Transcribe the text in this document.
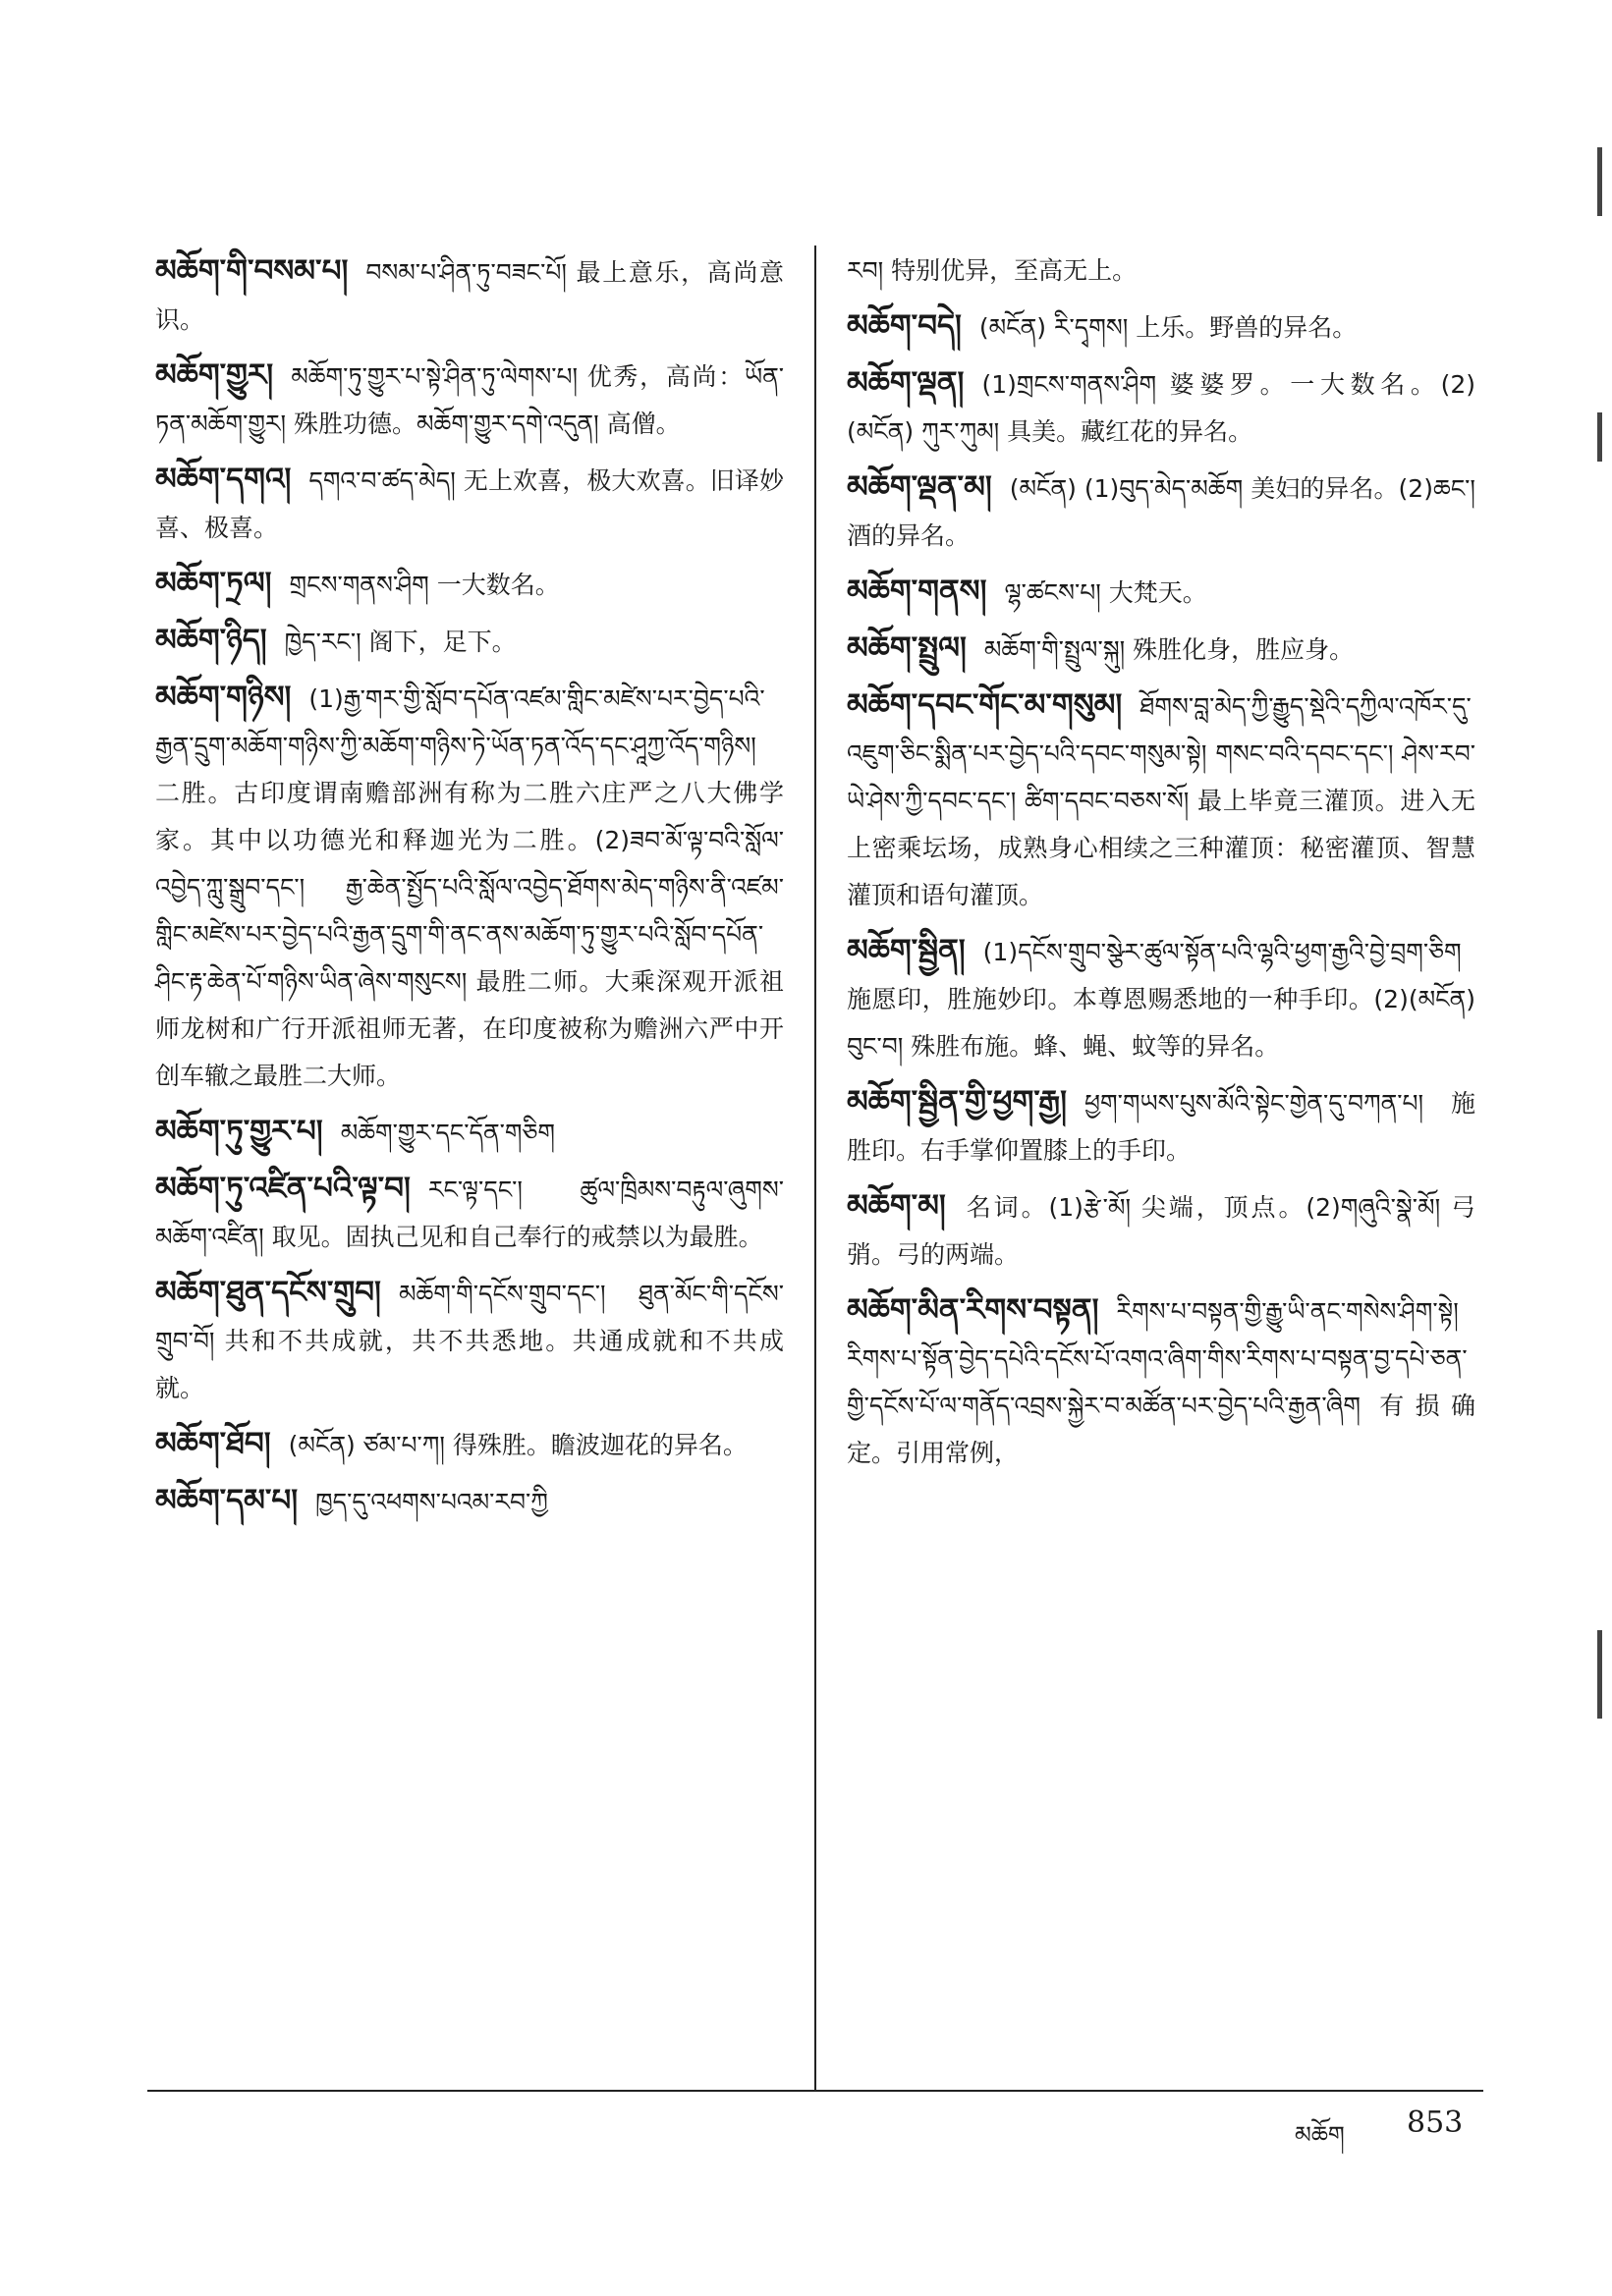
མཆོག་གི་བསམ་པ། བསམ་པ་ཤིན་ཏུ་བཟང་པོ། 最上意乐，高尚意识。
མཆོག་གྱུར། མཆོག་ཏུ་གྱུར་པ་སྟེ་ཤིན་ཏུ་ལེགས་པ། 优秀，高尚：ཡོན་ཏན་མཆོག་གྱུར། 殊胜功德。མཆོག་གྱུར་དགེ་འདུན། 高僧。
མཆོག་དགའ། དགའ་བ་ཚད་མེད། 无上欢喜，极大欢喜。旧译妙喜、极喜。
མཆོག་ཏྲལ། གྲངས་གནས་ཤིག 一大数名。
མཆོག་ཉིད། ཁྱེད་རང་། 阁下，足下。
མཆོག་གཉིས། (1)རྒྱ་གར་གྱི་སློབ་དཔོན་འཛམ་གླིང་མཛེས་པར་བྱེད་པའི་རྒྱན་དྲུག་མཆོག་གཉིས་ཀྱི་མཆོག་གཉིས་ཏེ་ཡོན་ཏན་འོད་དང་ཤཱཀྱ་འོད་གཉིས། 二胜。古印度谓南赡部洲有称为二胜六庄严之八大佛学家。其中以功德光和释迦光为二胜。(2)ཟབ་མོ་ལྟ་བའི་སློལ་འབྱེད་ཀླུ་སྒྲུབ་དང་། རྒྱ་ཆེན་སྤྱོད་པའི་སློལ་འབྱེད་ཐོགས་མེད་གཉིས་ནི་འཛམ་གླིང་མཛེས་པར་བྱེད་པའི་རྒྱན་དྲུག་གི་ནང་ནས་མཆོག་ཏུ་གྱུར་པའི་སློབ་དཔོན་ཤིང་རྟ་ཆེན་པོ་གཉིས་ཡིན་ཞེས་གསུངས། 最胜二师。大乘深观开派祖师龙树和广行开派祖师无著，在印度被称为赡洲六严中开创车辙之最胜二大师。
མཆོག་ཏུ་གྱུར་པ། མཆོག་གྱུར་དང་དོན་གཅིག
མཆོག་ཏུ་འཛིན་པའི་ལྟ་བ། རང་ལྟ་དང་། ཚུལ་ཁྲིམས་བརྟུལ་ཞུགས་མཆོག་འཛིན། 取见。固执己见和自己奉行的戒禁以为最胜。
མཆོག་ཐུན་དངོས་གྲུབ། མཆོག་གི་དངོས་གྲུབ་དང་། ཐུན་མོང་གི་དངོས་གྲུབ་བོ། 共和不共成就，共不共悉地。共通成就和不共成就。
མཆོག་ཐོབ། (མངོན) ཙམ་པ་ཀ། 得殊胜。瞻波迦花的异名。
མཆོག་དམ་པ། ཁྱད་དུ་འཕགས་པའམ་རབ་ཀྱི
རབ། 特别优异，至高无上。
མཆོག་བདེ། (མངོན) རི་དྭགས། 上乐。野兽的异名。
མཆོག་ལྡན། (1)གྲངས་གནས་ཤིག 婆婆罗。一大数名。(2)(མངོན) ཀུར་ཀུམ། 具美。藏红花的异名。
མཆོག་ལྡན་མ། (མངོན) (1)བུད་མེད་མཆོག 美妇的异名。(2)ཆང་། 酒的异名。
མཆོག་གནས། ལྷ་ཚངས་པ། 大梵天。
མཆོག་སྤྲུལ། མཆོག་གི་སྤྲུལ་སྐུ། 殊胜化身，胜应身。
མཆོག་དབང་གོང་མ་གསུམ། ཐོགས་བླ་མེད་ཀྱི་རྒྱུད་སྡེའི་དཀྱིལ་འཁོར་དུ་འཇུག་ཅིང་སྨིན་པར་བྱེད་པའི་དབང་གསུམ་སྟེ། གསང་བའི་དབང་དང་། ཤེས་རབ་ཡེ་ཤེས་ཀྱི་དབང་དང་། ཚིག་དབང་བཅས་སོ། 最上毕竟三灌顶。进入无上密乘坛场，成熟身心相续之三种灌顶：秘密灌顶、智慧灌顶和语句灌顶。
མཆོག་སྦྱིན། (1)དངོས་གྲུབ་སྩེར་ཚུལ་སྟོན་པའི་ལྷའི་ཕྱག་རྒྱའི་བྱེ་བྲག་ཅིག 施愿印，胜施妙印。本尊恩赐悉地的一种手印。(2)(མངོན) བུང་བ། 殊胜布施。蜂、蝇、蚊等的异名。
མཆོག་སྦྱིན་གྱི་ཕྱག་རྒྱ། ཕྱག་གཡས་པུས་མོའི་སྟེང་གྱེན་དུ་བཀན་པ། 施胜印。右手掌仰置膝上的手印。
མཆོག་མ། 名词。(1)རྩེ་མོ། 尖端，顶点。(2)གཞུའི་སྣེ་མོ། 弓弰。弓的两端。
མཆོག་མིན་རིགས་བསྟན། རིགས་པ་བསྟན་གྱི་རྒྱུ་ཡི་ནང་གསེས་ཤིག་སྟེ། རིགས་པ་སྟོན་བྱེད་དཔེའི་དངོས་པོ་འགའ་ཞིག་གིས་རིགས་པ་བསྟན་བྱ་དཔེ་ཅན་གྱི་དངོས་པོ་ལ་གནོད་འབྲས་སྐྱེར་བ་མཚོན་པར་བྱེད་པའི་རྒྱན་ཞིག 有损确定。引用常例，
མཆོག 853
